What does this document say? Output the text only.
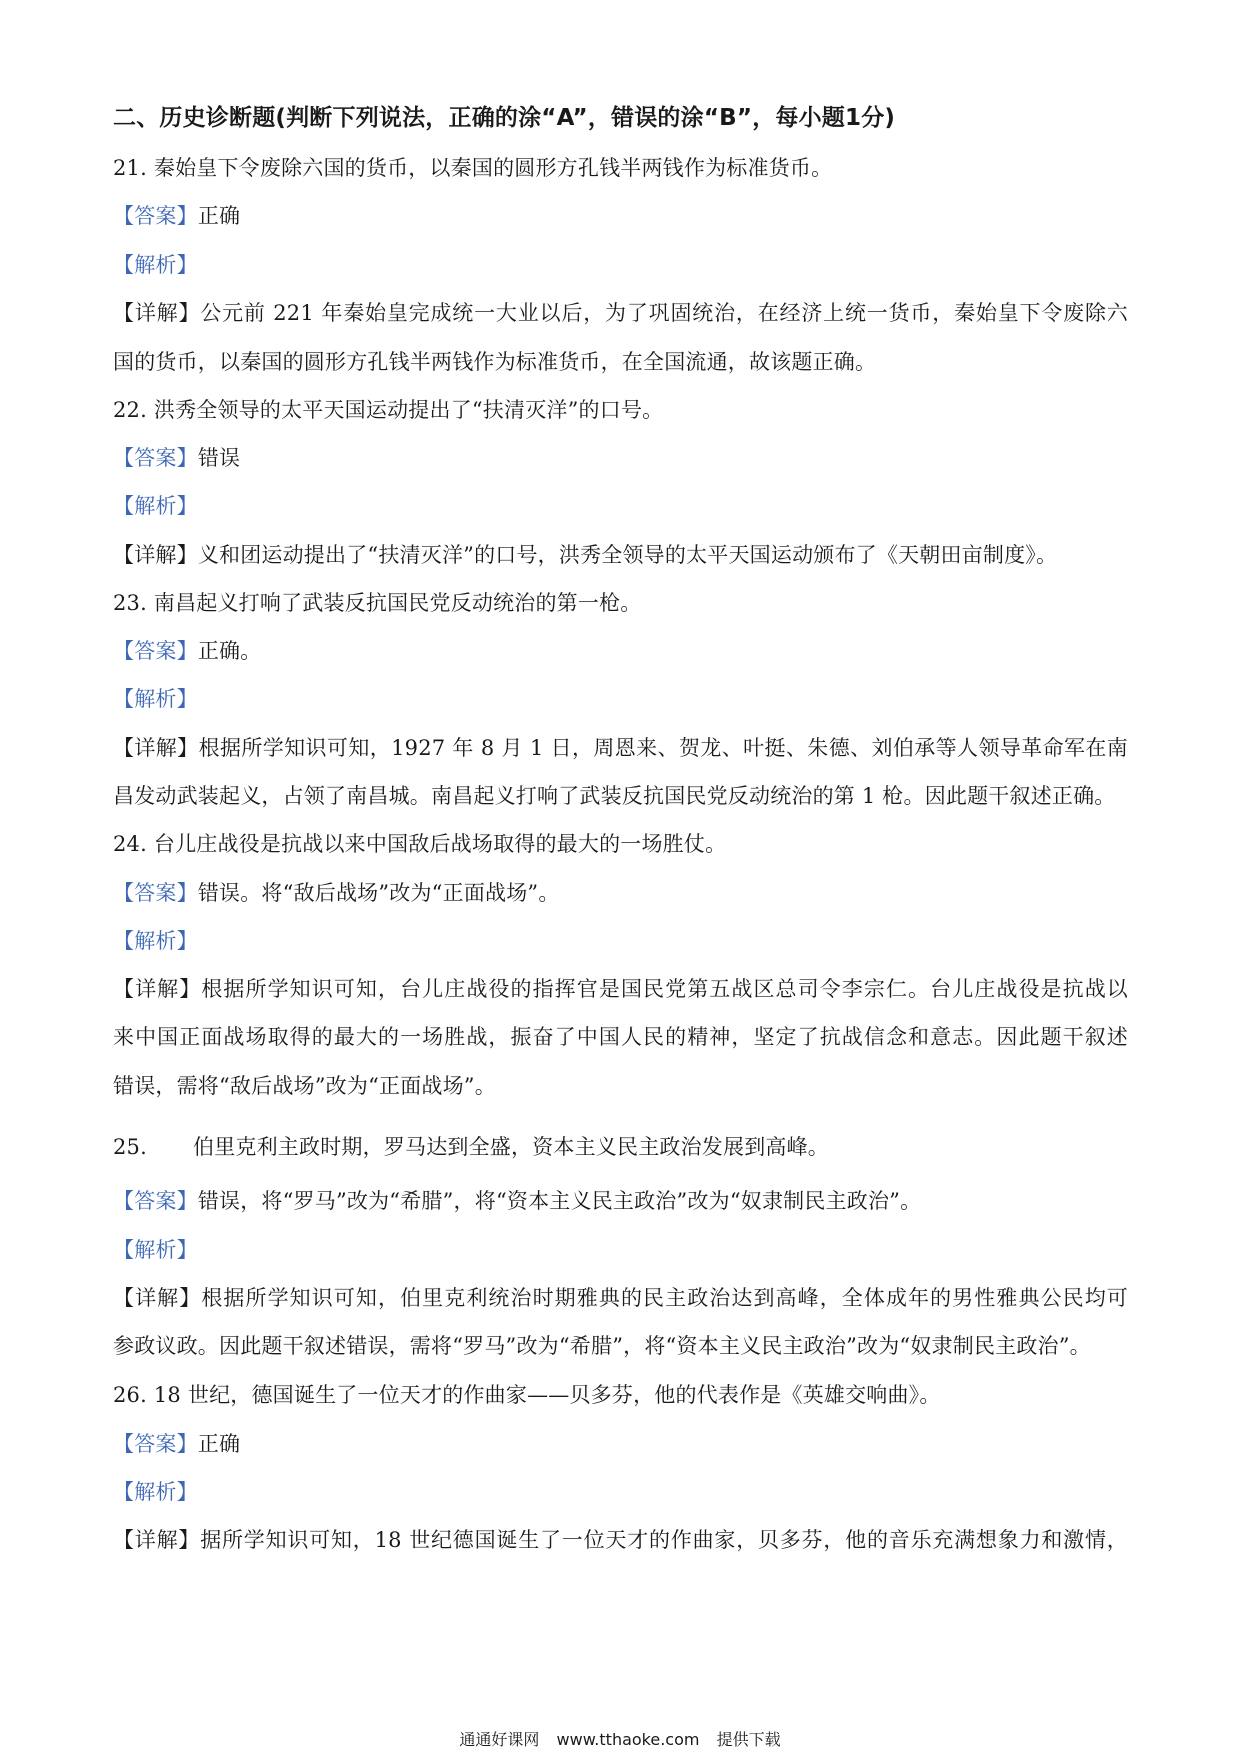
二、历史诊断题(判断下列说法，正确的涂“A”，错误的涂“B”，每小题1分)
21. 秦始皇下令废除六国的货币，以秦国的圆形方孔钱半两钱作为标准货币。
【答案】正确
【解析】
【详解】公元前 221 年秦始皇完成统一大业以后，为了巩固统治，在经济上统一货币，秦始皇下令废除六
国的货币，以秦国的圆形方孔钱半两钱作为标准货币，在全国流通，故该题正确。
22. 洪秀全领导的太平天国运动提出了“扶清灭洋”的口号。
【答案】错误
【解析】
【详解】义和团运动提出了“扶清灭洋”的口号，洪秀全领导的太平天国运动颁布了《天朝田亩制度》。
23. 南昌起义打响了武装反抗国民党反动统治的第一枪。
【答案】正确。
【解析】
【详解】根据所学知识可知，1927 年 8 月 1 日，周恩来、贺龙、叶挺、朱德、刘伯承等人领导革命军在南
昌发动武装起义，占领了南昌城。南昌起义打响了武装反抗国民党反动统治的第 1 枪。因此题干叙述正确。
24. 台儿庄战役是抗战以来中国敌后战场取得的最大的一场胜仗。
【答案】错误。将“敌后战场”改为“正面战场”。
【解析】
【详解】根据所学知识可知，台儿庄战役的指挥官是国民党第五战区总司令李宗仁。台儿庄战役是抗战以
来中国正面战场取得的最大的一场胜战，振奋了中国人民的精神，坚定了抗战信念和意志。因此题干叙述
错误，需将“敌后战场”改为“正面战场”。
25. 伯里克利主政时期，罗马达到全盛，资本主义民主政治发展到高峰。
【答案】错误，将“罗马”改为“希腊”，将“资本主义民主政治”改为“奴隶制民主政治”。
【解析】
【详解】根据所学知识可知，伯里克利统治时期雅典的民主政治达到高峰，全体成年的男性雅典公民均可
参政议政。因此题干叙述错误，需将“罗马”改为“希腊”，将“资本主义民主政治”改为“奴隶制民主政治”。
26. 18 世纪，德国诞生了一位天才的作曲家——贝多芬，他的代表作是《英雄交响曲》。
【答案】正确
【解析】
【详解】据所学知识可知，18 世纪德国诞生了一位天才的作曲家，贝多芬，他的音乐充满想象力和激情，
通通好课网 www.tthaoke.com 提供下载
